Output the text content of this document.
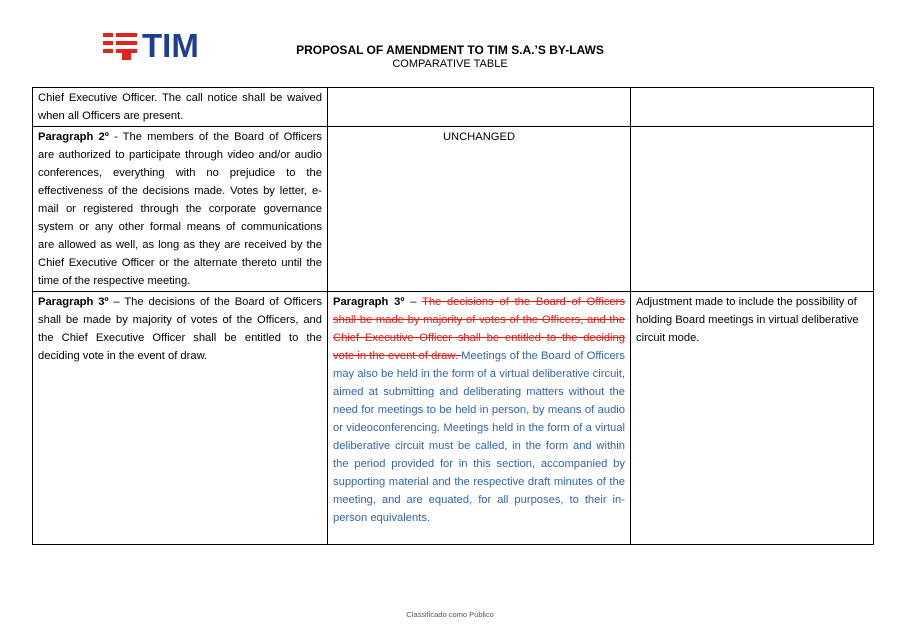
TIM	PROPOSAL OF AMENDMENT TO TIM S.A.’S BY-LAWS
COMPARATIVE TABLE
Chief Executive Officer. The call notice shall be waived when all Officers are present.		
Paragraph 2º - The members of the Board of Officers are authorized to participate through video and/or audio conferences, everything with no prejudice to the effectiveness of the decisions made. Votes by letter, e-mail or registered through the corporate governance system or any other formal means of communications are allowed as well, as long as they are received by the Chief Executive Officer or the alternate thereto until the time of the respective meeting.	UNCHANGED	
Paragraph 3º – The decisions of the Board of Officers shall be made by majority of votes of the Officers, and the Chief Executive Officer shall be entitled to the deciding vote in the event of draw.	Paragraph 3º – The decisions of the Board of Officers shall be made by majority of votes of the Officers, and the Chief Executive Officer shall be entitled to the deciding vote in the event of draw. Meetings of the Board of Officers may also be held in the form of a virtual deliberative circuit, aimed at submitting and deliberating matters without the need for meetings to be held in person, by means of audio or videoconferencing. Meetings held in the form of a virtual deliberative circuit must be called, in the form and within the period provided for in this section, accompanied by supporting material and the respective draft minutes of the meeting, and are equated, for all purposes, to their in-person equivalents.	Adjustment made to include the possibility of holding Board meetings in virtual deliberative circuit mode.
Classificado como Público
